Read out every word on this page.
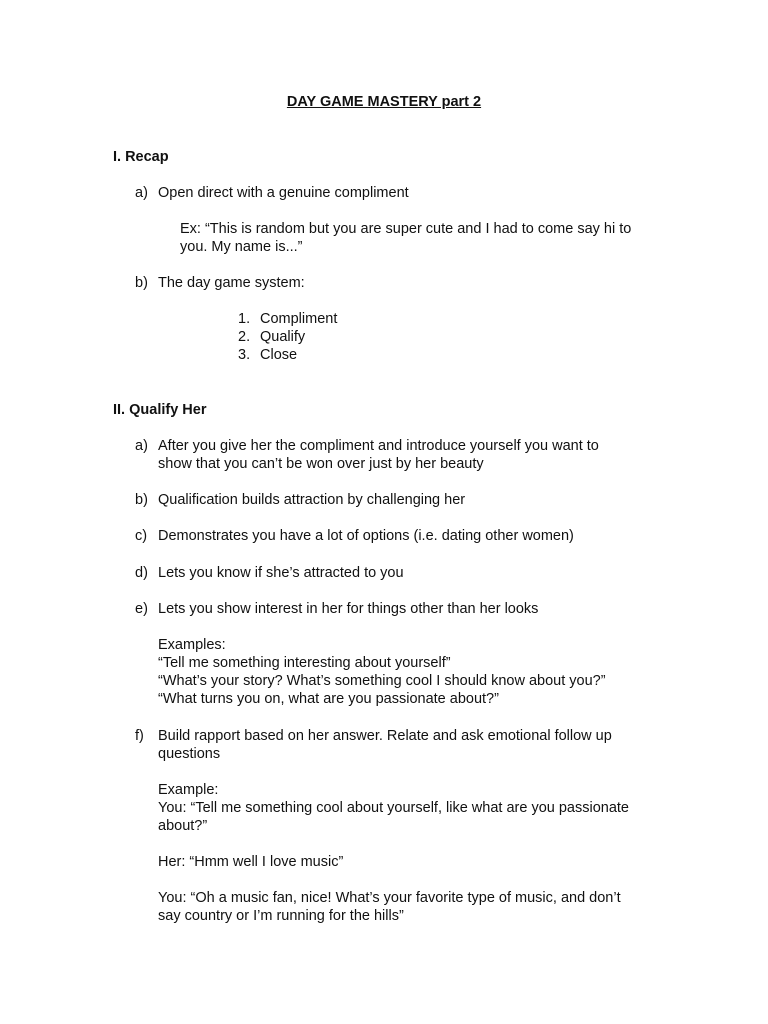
DAY GAME MASTERY part 2
I. Recap
a) Open direct with a genuine compliment
Ex: “This is random but you are super cute and I had to come say hi to
you. My name is...”
b) The day game system:
1. Compliment
2. Qualify
3. Close
II. Qualify Her
a) After you give her the compliment and introduce yourself you want to
show that you can’t be won over just by her beauty
b) Qualification builds attraction by challenging her
c) Demonstrates you have a lot of options (i.e. dating other women)
d) Lets you know if she’s attracted to you
e) Lets you show interest in her for things other than her looks
Examples:
“Tell me something interesting about yourself”
“What’s your story? What’s something cool I should know about you?”
“What turns you on, what are you passionate about?”
f) Build rapport based on her answer. Relate and ask emotional follow up
questions
Example:
You: “Tell me something cool about yourself, like what are you passionate
about?”
Her: “Hmm well I love music”
You: “Oh a music fan, nice! What’s your favorite type of music, and don’t
say country or I’m running for the hills”
